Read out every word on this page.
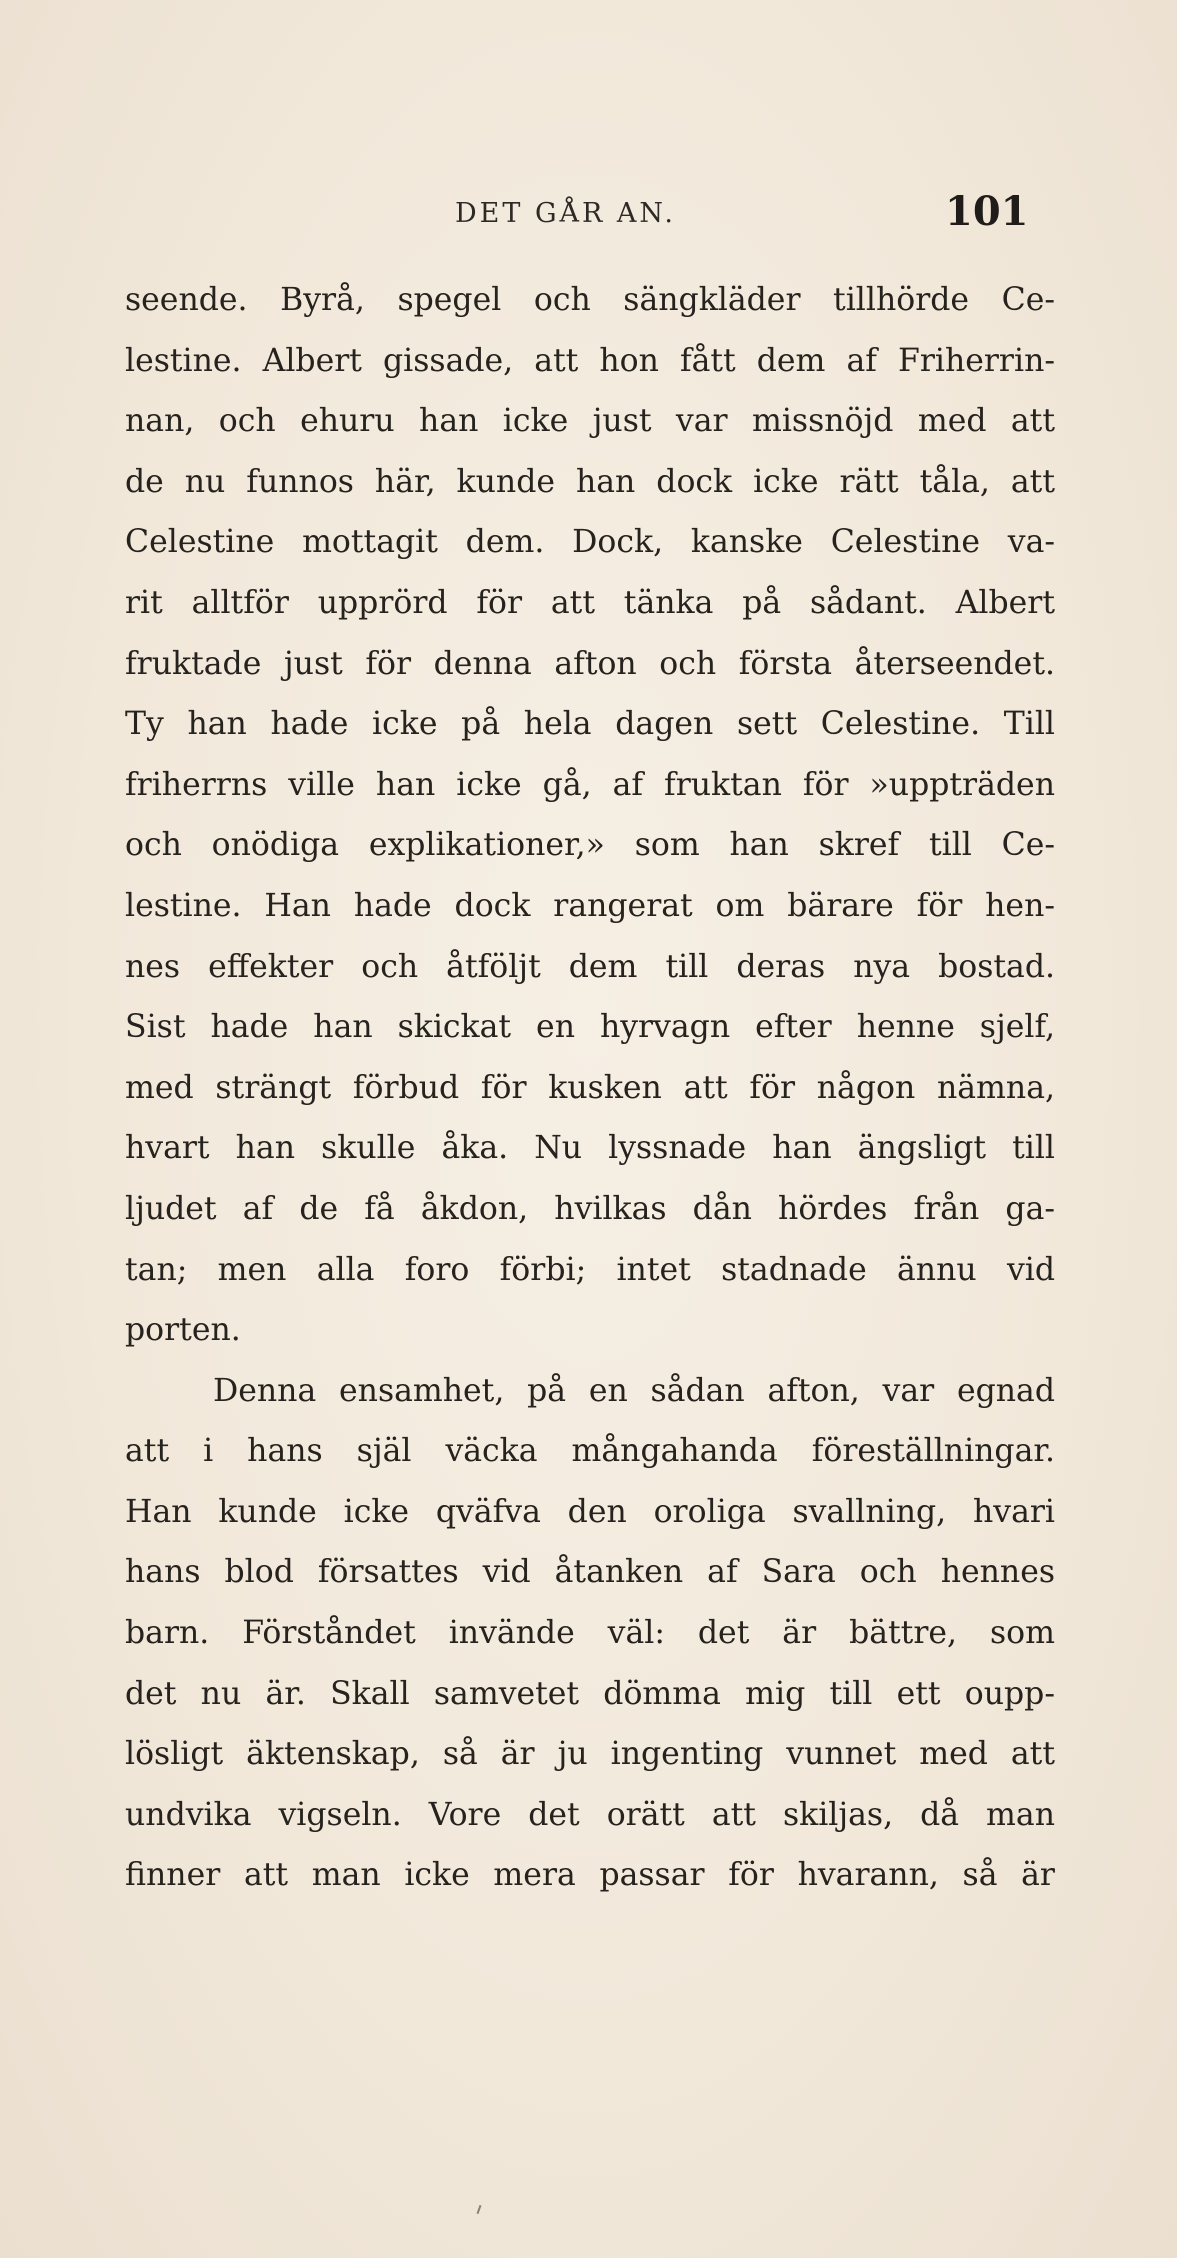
DET GÅR AN.	101
seende. Byrå, spegel och sängkläder tillhörde Ce-
lestine. Albert gissade, att hon fått dem af Friherrin-
nan, och ehuru han icke just var missnöjd med att
de nu funnos här, kunde han dock icke rätt tåla, att
Celestine mottagit dem. Dock, kanske Celestine va-
rit alltför upprörd för att tänka på sådant. Albert
fruktade just för denna afton och första återseendet.
Ty han hade icke på hela dagen sett Celestine. Till
friherrns ville han icke gå, af fruktan för »uppträden
och onödiga explikationer,» som han skref till Ce-
lestine. Han hade dock rangerat om bärare för hen-
nes effekter och åtföljt dem till deras nya bostad.
Sist hade han skickat en hyrvagn efter henne sjelf,
med strängt förbud för kusken att för någon nämna,
hvart han skulle åka. Nu lyssnade han ängsligt till
ljudet af de få åkdon, hvilkas dån hördes från ga-
tan; men alla foro förbi; intet stadnade ännu vid
porten.
Denna ensamhet, på en sådan afton, var egnad
att i hans själ väcka mångahanda föreställningar.
Han kunde icke qväfva den oroliga svallning, hvari
hans blod försattes vid åtanken af Sara och hennes
barn. Förståndet invände väl: det är bättre, som
det nu är. Skall samvetet dömma mig till ett oupp-
lösligt äktenskap, så är ju ingenting vunnet med att
undvika vigseln. Vore det orätt att skiljas, då man
finner att man icke mera passar för hvarann, så är
